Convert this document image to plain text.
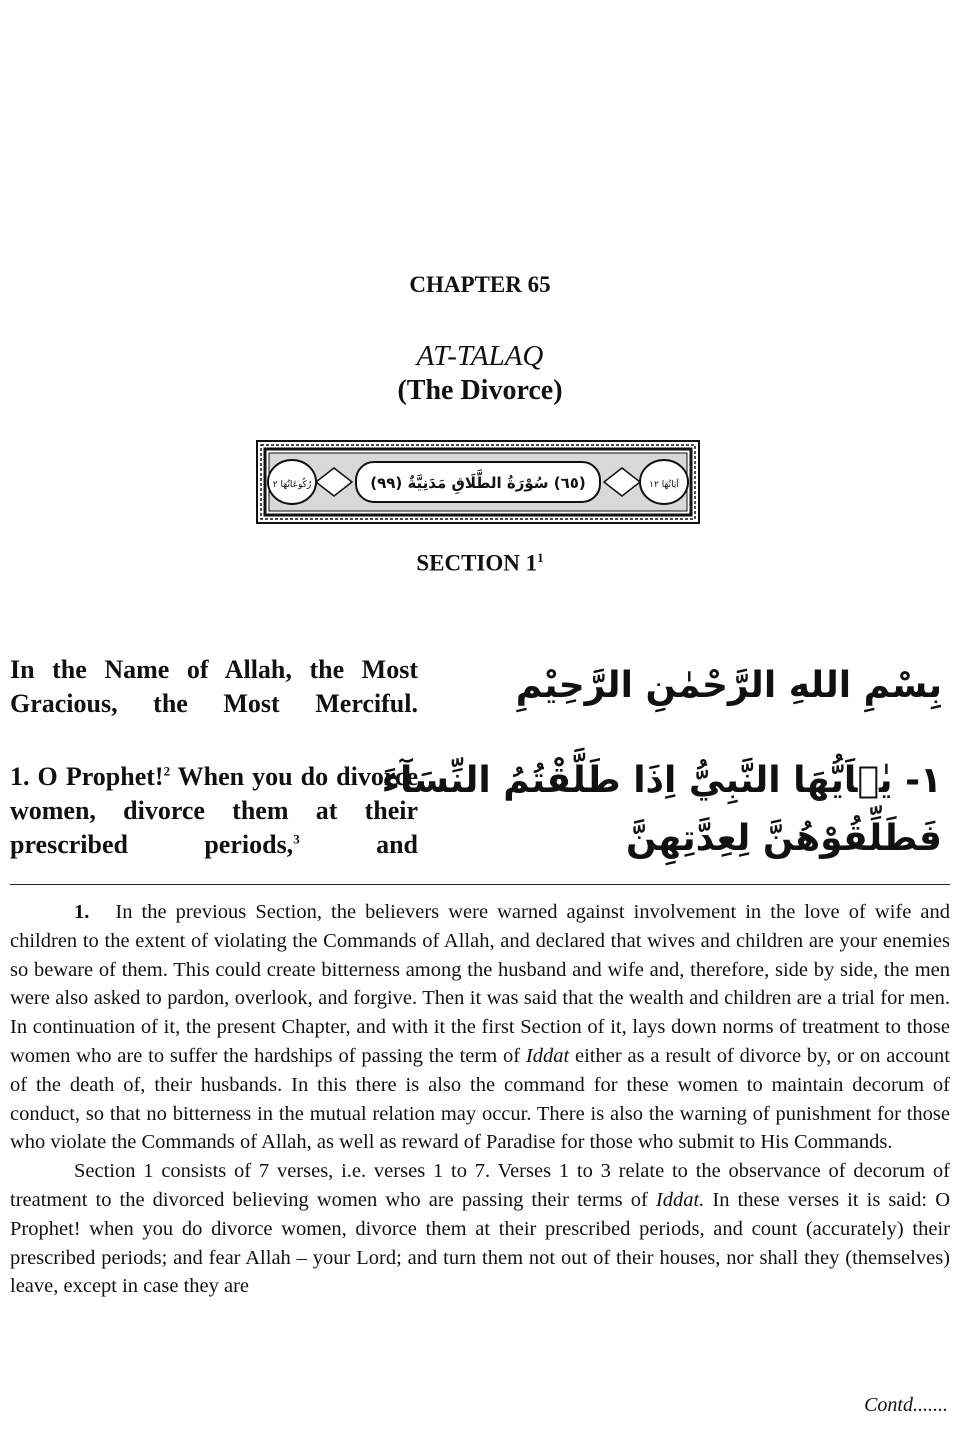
CHAPTER 65
AT-TALAQ
(The Divorce)
(٦٥) سُوْرَةُ الطَّلَاقِ مَدَنِيَّةٌ (٩٩)
رُكُوعَاتُهَا ٢	آيَاتُهَا ١٢
SECTION $1^1$
In the Name of Allah, the Most Gracious, the Most Merciful.	بِسْمِ اللهِ الرَّحْمٰنِ الرَّحِيْمِ
1. O Prophet!$^2$ When you do divorce women, divorce them at their prescribed periods,$^3$ and
١- يٰۤاَيُّهَا النَّبِيُّ اِذَا طَلَّقْتُمُ النِّسَآءَ
فَطَلِّقُوْهُنَّ لِعِدَّتِهِنَّ

1. In the previous Section, the believers were warned against involvement in the love of wife and children to the extent of violating the Commands of Allah, and declared that wives and children are your enemies so beware of them. This could create bitterness among the husband and wife and, therefore, side by side, the men were also asked to pardon, overlook, and forgive. Then it was said that the wealth and children are a trial for men. In continuation of it, the present Chapter, and with it the first Section of it, lays down norms of treatment to those women who are to suffer the hardships of passing the term of Iddat either as a result of divorce by, or on account of the death of, their husbands. In this there is also the command for these women to maintain decorum of conduct, so that no bitterness in the mutual relation may occur. There is also the warning of punishment for those who violate the Commands of Allah, as well as reward of Paradise for those who submit to His Commands.

Section 1 consists of 7 verses, i.e. verses 1 to 7. Verses 1 to 3 relate to the observance of decorum of treatment to the divorced believing women who are passing their terms of Iddat. In these verses it is said: O Prophet! when you do divorce women, divorce them at their prescribed periods, and count (accurately) their prescribed periods; and fear Allah – your Lord; and turn them not out of their houses, nor shall they (themselves) leave, except in case they are

Contd.......
